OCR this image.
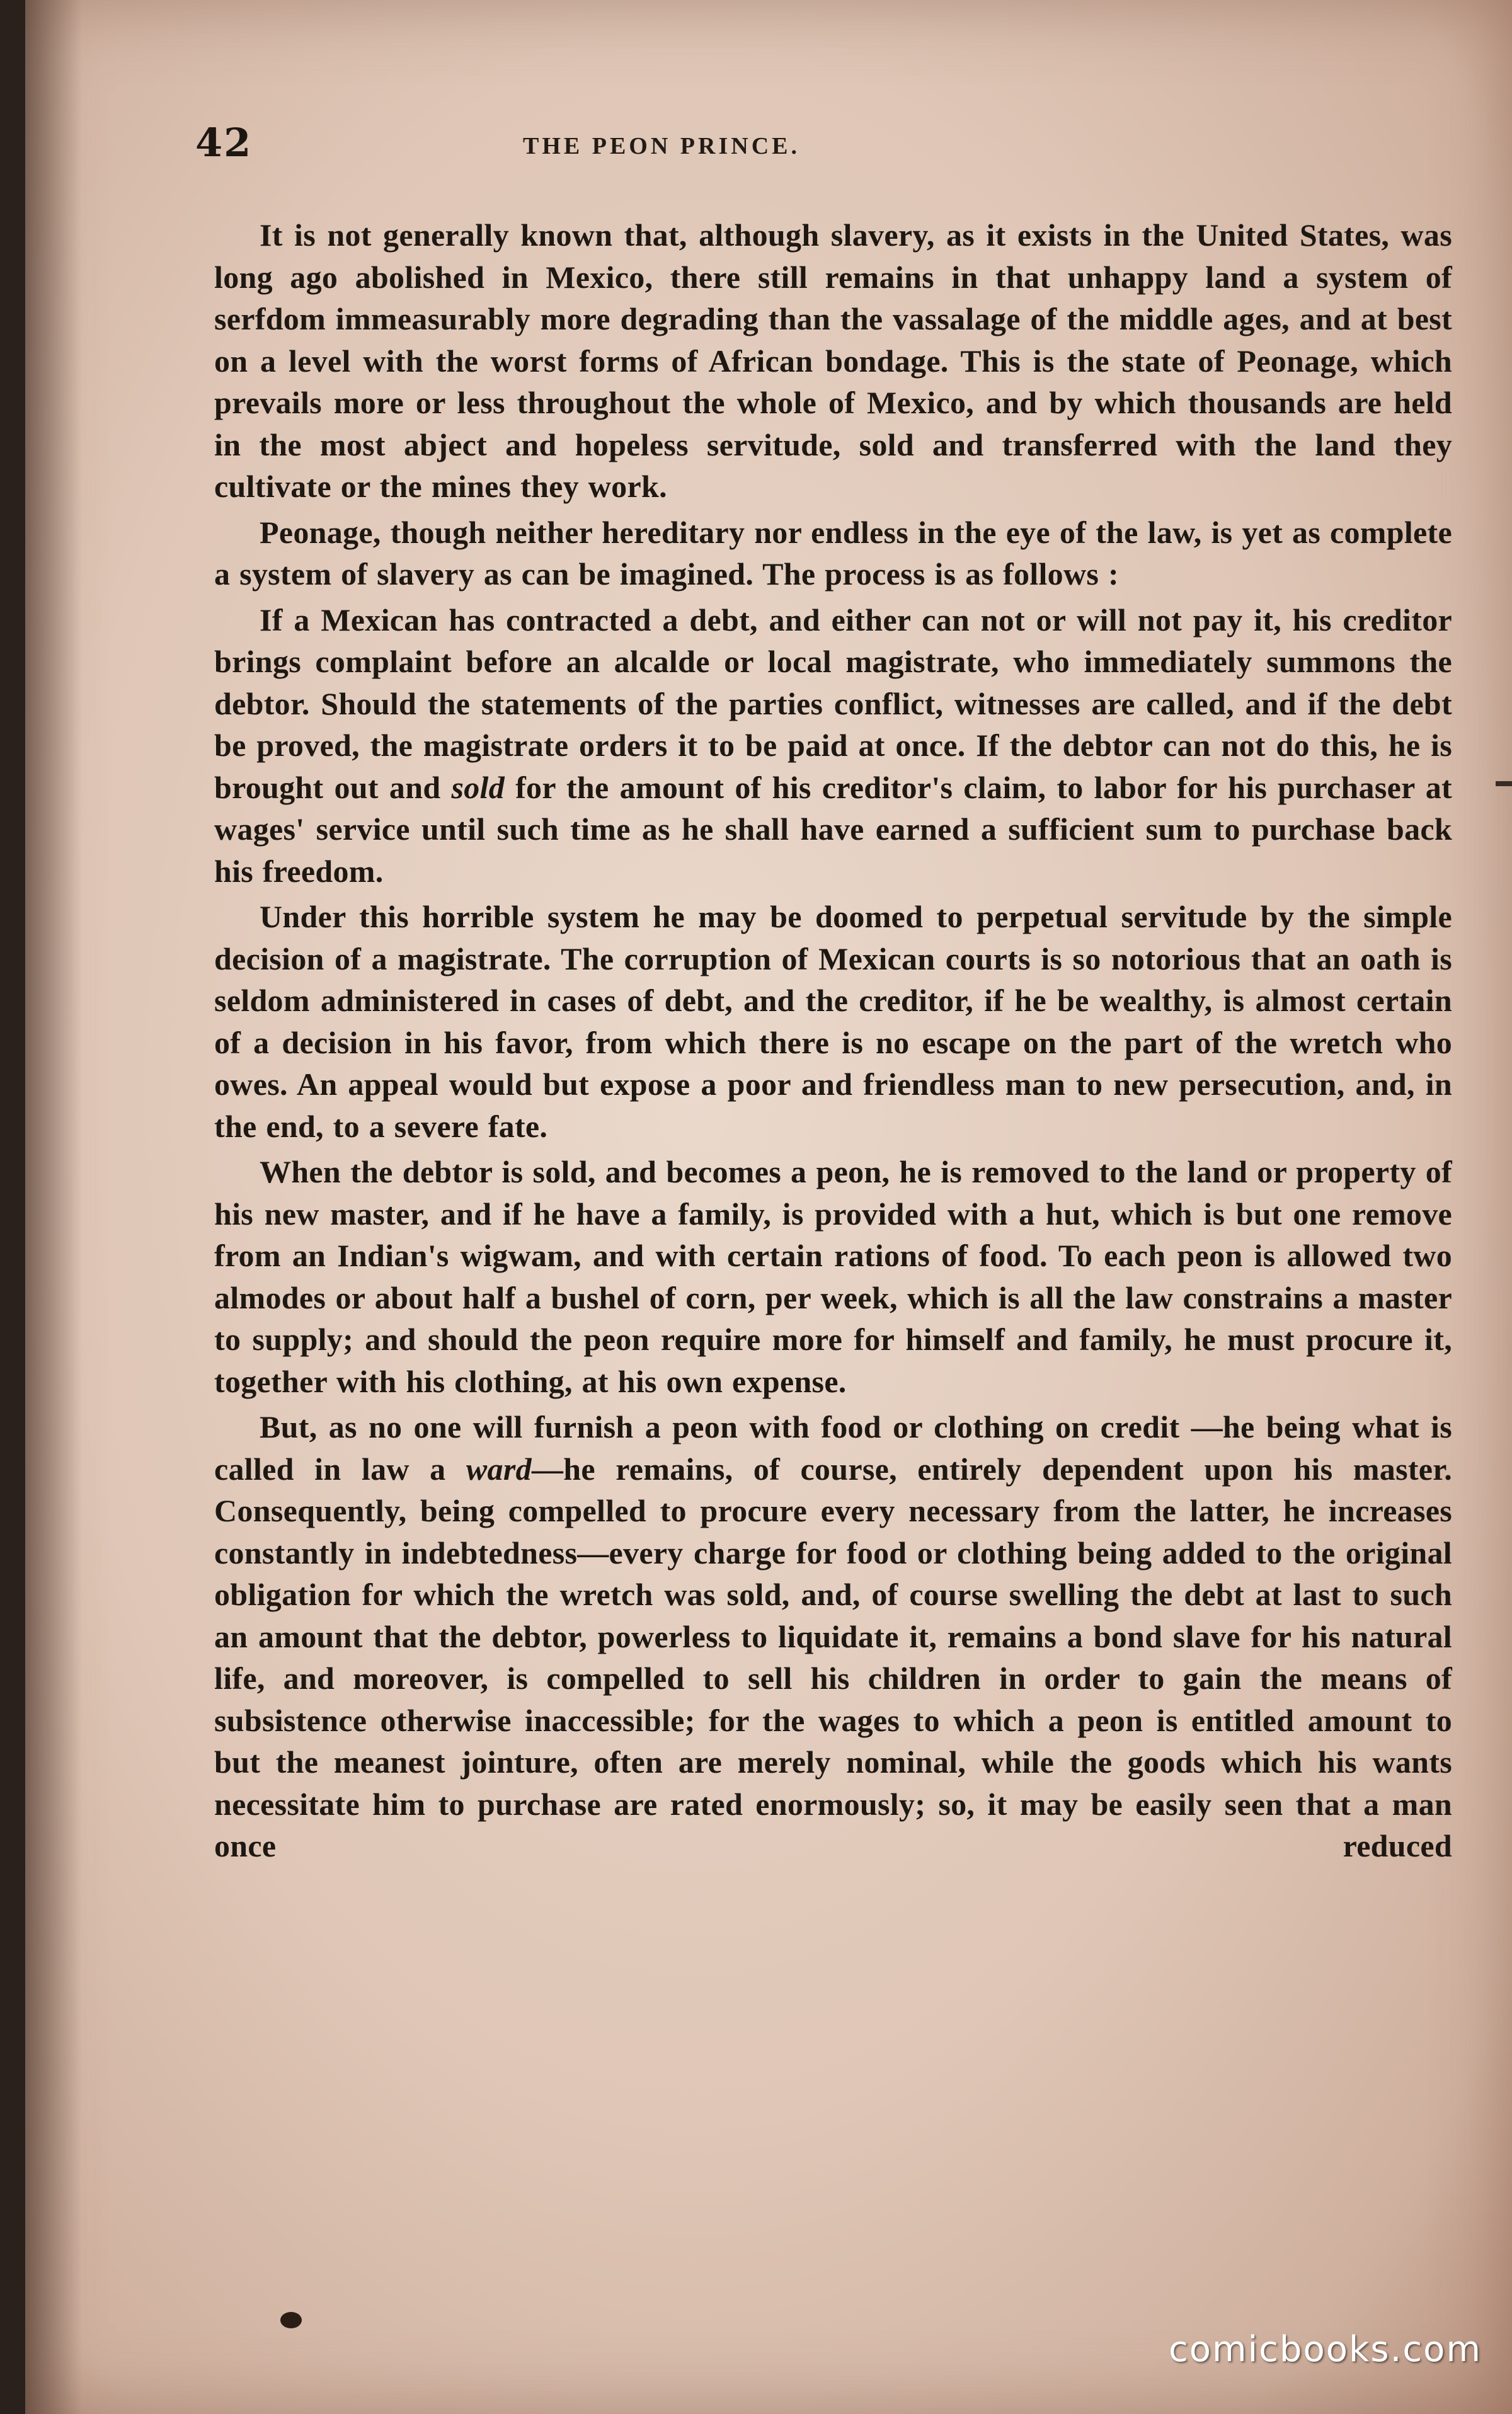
42	THE PEON PRINCE.

It is not generally known that, although slavery, as it exists in the United States, was long ago abolished in Mexico, there still remains in that unhappy land a system of serfdom immeasurably more degrading than the vassalage of the middle ages, and at best on a level with the worst forms of African bondage. This is the state of Peonage, which prevails more or less throughout the whole of Mexico, and by which thousands are held in the most abject and hopeless servitude, sold and transferred with the land they cultivate or the mines they work.

Peonage, though neither hereditary nor endless in the eye of the law, is yet as complete a system of slavery as can be imagined. The process is as follows :

If a Mexican has contracted a debt, and either can not or will not pay it, his creditor brings complaint before an alcalde or local magistrate, who immediately summons the debtor. Should the statements of the parties conflict, witnesses are called, and if the debt be proved, the magistrate orders it to be paid at once. If the debtor can not do this, he is brought out and sold for the amount of his creditor's claim, to labor for his purchaser at wages' service until such time as he shall have earned a sufficient sum to purchase back his freedom.

Under this horrible system he may be doomed to perpetual servitude by the simple decision of a magistrate. The corruption of Mexican courts is so notorious that an oath is seldom administered in cases of debt, and the creditor, if he be wealthy, is almost certain of a decision in his favor, from which there is no escape on the part of the wretch who owes. An appeal would but expose a poor and friendless man to new persecution, and, in the end, to a severe fate.

When the debtor is sold, and becomes a peon, he is removed to the land or property of his new master, and if he have a family, is provided with a hut, which is but one remove from an Indian's wigwam, and with certain rations of food. To each peon is allowed two almodes or about half a bushel of corn, per week, which is all the law constrains a master to supply; and should the peon require more for himself and family, he must procure it, together with his clothing, at his own expense.

But, as no one will furnish a peon with food or clothing on credit —he being what is called in law a ward—he remains, of course, entirely dependent upon his master. Consequently, being compelled to procure every necessary from the latter, he increases constantly in indebtedness—every charge for food or clothing being added to the original obligation for which the wretch was sold, and, of course swelling the debt at last to such an amount that the debtor, powerless to liquidate it, remains a bond slave for his natural life, and moreover, is compelled to sell his children in order to gain the means of subsistence otherwise inaccessible; for the wages to which a peon is entitled amount to but the meanest jointure, often are merely nominal, while the goods which his wants necessitate him to purchase are rated enormously; so, it may be easily seen that a man once reduced

comicbooks.com
